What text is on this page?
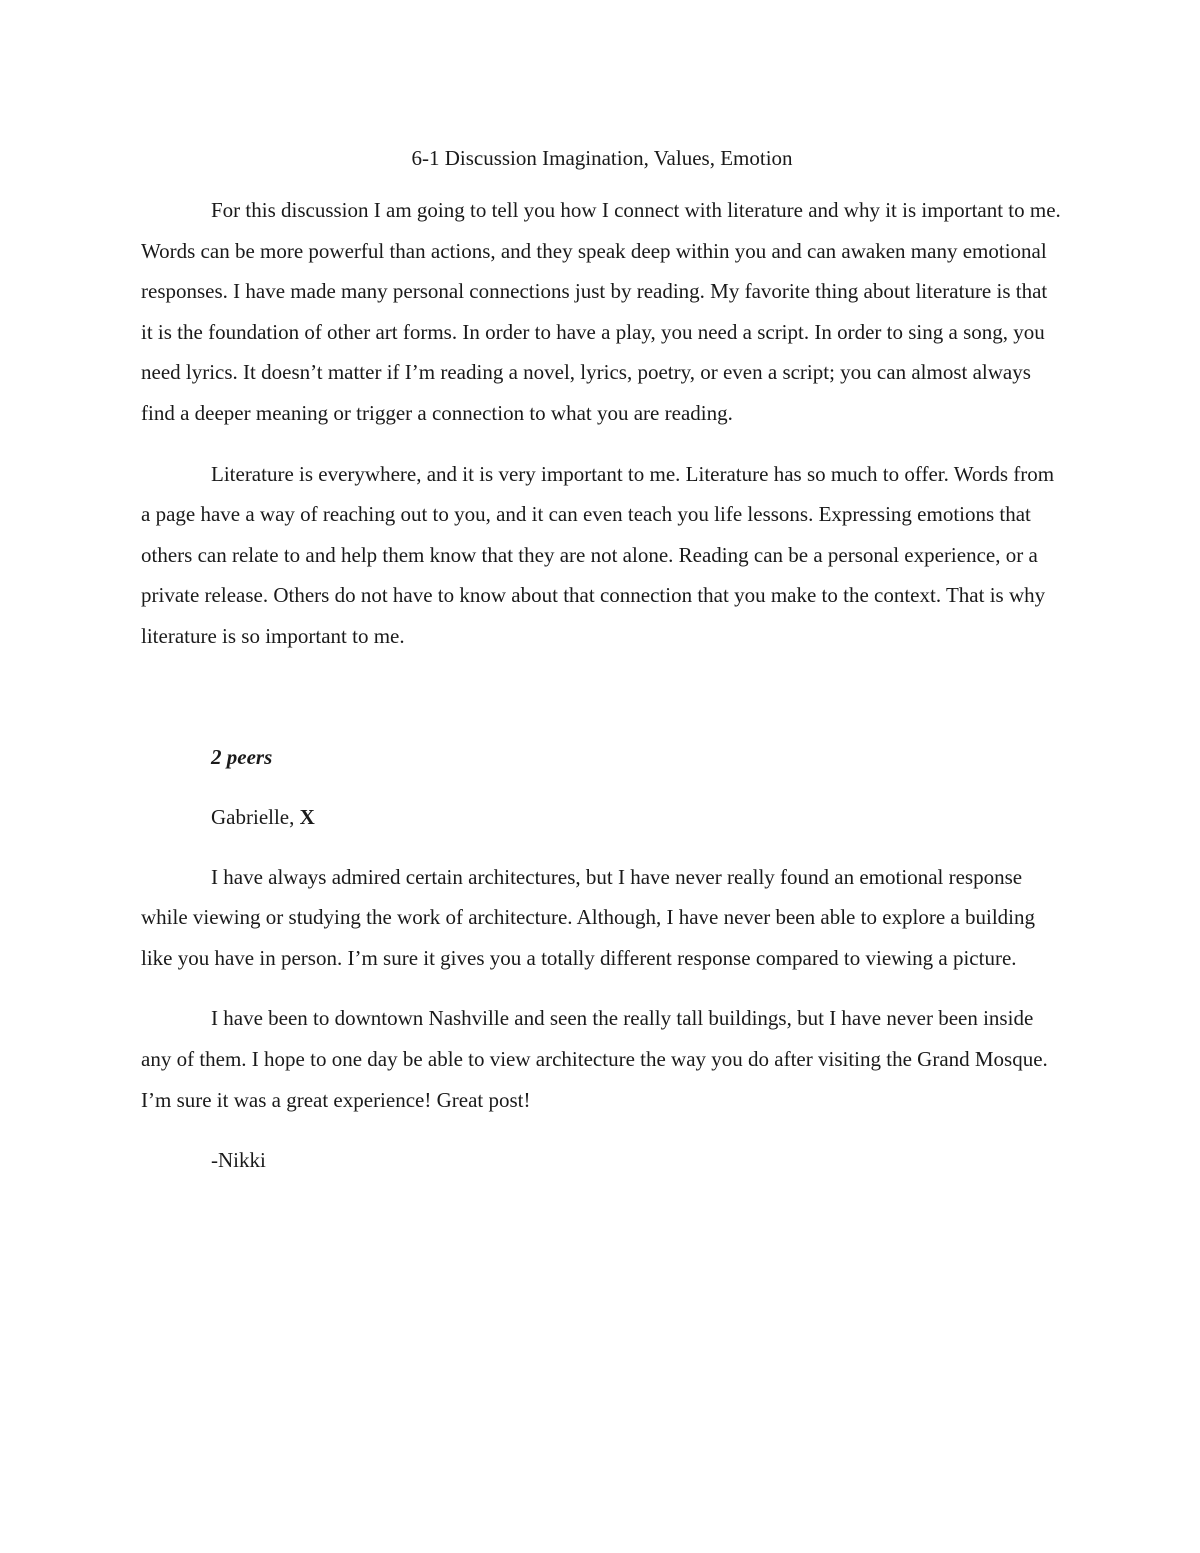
6-1 Discussion Imagination, Values, Emotion

For this discussion I am going to tell you how I connect with literature and why it is important to me. Words can be more powerful than actions, and they speak deep within you and can awaken many emotional responses. I have made many personal connections just by reading. My favorite thing about literature is that it is the foundation of other art forms. In order to have a play, you need a script. In order to sing a song, you need lyrics. It doesn’t matter if I’m reading a novel, lyrics, poetry, or even a script; you can almost always find a deeper meaning or trigger a connection to what you are reading.

Literature is everywhere, and it is very important to me. Literature has so much to offer. Words from a page have a way of reaching out to you, and it can even teach you life lessons. Expressing emotions that others can relate to and help them know that they are not alone. Reading can be a personal experience, or a private release. Others do not have to know about that connection that you make to the context. That is why literature is so important to me.

2 peers
Gabrielle, X

I have always admired certain architectures, but I have never really found an emotional response while viewing or studying the work of architecture. Although, I have never been able to explore a building like you have in person. I’m sure it gives you a totally different response compared to viewing a picture.

I have been to downtown Nashville and seen the really tall buildings, but I have never been inside any of them. I hope to one day be able to view architecture the way you do after visiting the Grand Mosque. I’m sure it was a great experience! Great post!

-Nikki
